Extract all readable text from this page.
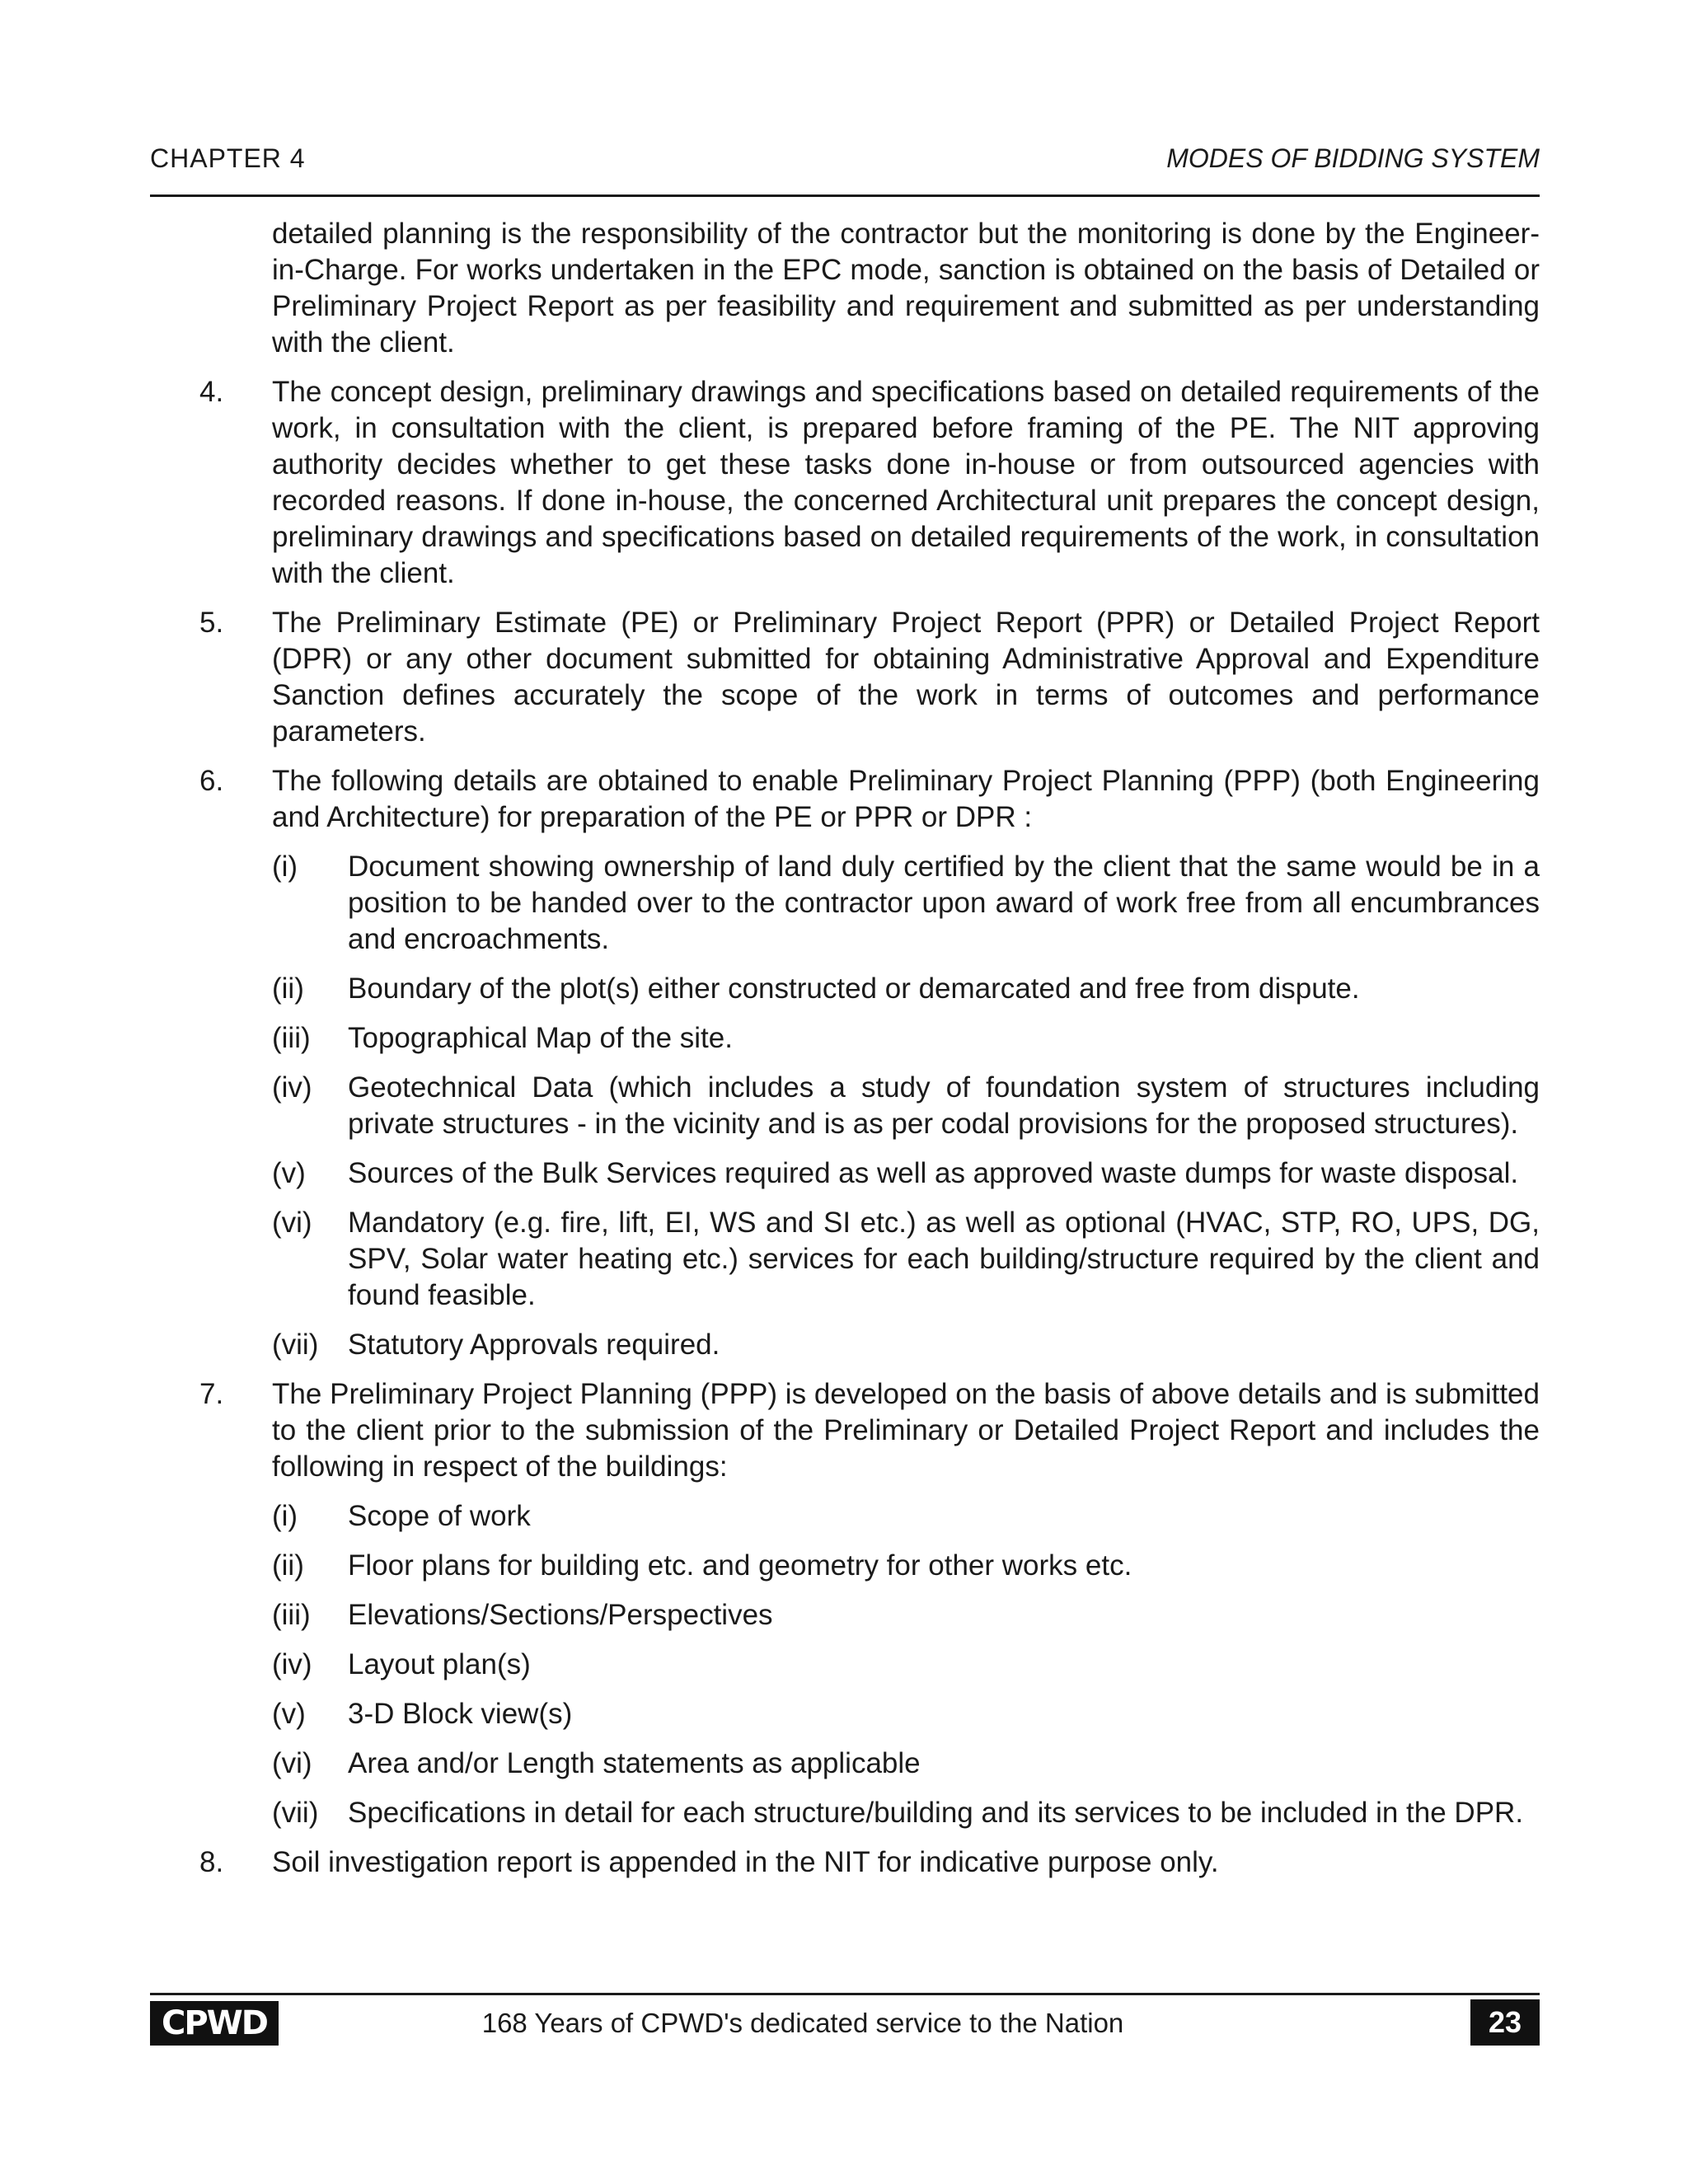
CHAPTER 4	MODES OF BIDDING SYSTEM
detailed planning is the responsibility of the contractor but the monitoring is done by the Engineer-in-Charge. For works undertaken in the EPC mode, sanction is obtained on the basis of Detailed or Preliminary Project Report as per feasibility and requirement and submitted as per understanding with the client.
4.	The concept design, preliminary drawings and specifications based on detailed requirements of the work, in consultation with the client, is prepared before framing of the PE. The NIT approving authority decides whether to get these tasks done in-house or from outsourced agencies with recorded reasons. If done in-house, the concerned Architectural unit prepares the concept design, preliminary drawings and specifications based on detailed requirements of the work, in consultation with the client.
5.	The Preliminary Estimate (PE) or Preliminary Project Report (PPR) or Detailed Project Report (DPR) or any other document submitted for obtaining Administrative Approval and Expenditure Sanction defines accurately the scope of the work in terms of outcomes and performance parameters.
6.	The following details are obtained to enable Preliminary Project Planning (PPP) (both Engineering and Architecture) for preparation of the PE or PPR or DPR :
(i)	Document showing ownership of land duly certified by the client that the same would be in a position to be handed over to the contractor upon award of work free from all encumbrances and encroachments.
(ii)	Boundary of the plot(s) either constructed or demarcated and free from dispute.
(iii)	Topographical Map of the site.
(iv)	Geotechnical Data (which includes a study of foundation system of structures including private structures - in the vicinity and is as per codal provisions for the proposed structures).
(v)	Sources of the Bulk Services required as well as approved waste dumps for waste disposal.
(vi)	Mandatory (e.g. fire, lift, EI, WS and SI etc.) as well as optional (HVAC, STP, RO, UPS, DG, SPV, Solar water heating etc.) services for each building/structure required by the client and found feasible.
(vii)	Statutory Approvals required.
7.	The Preliminary Project Planning (PPP) is developed on the basis of above details and is submitted to the client prior to the submission of the Preliminary or Detailed Project Report and includes the following in respect of the buildings:
(i)	Scope of work
(ii)	Floor plans for building etc. and geometry for other works etc.
(iii)	Elevations/Sections/Perspectives
(iv)	Layout plan(s)
(v)	3-D Block view(s)
(vi)	Area and/or Length statements as applicable
(vii)	Specifications in detail for each structure/building and its services to be included in the DPR.
8.	Soil investigation report is appended in the NIT for indicative purpose only.
CPWD	168 Years of CPWD's dedicated service to the Nation	23
